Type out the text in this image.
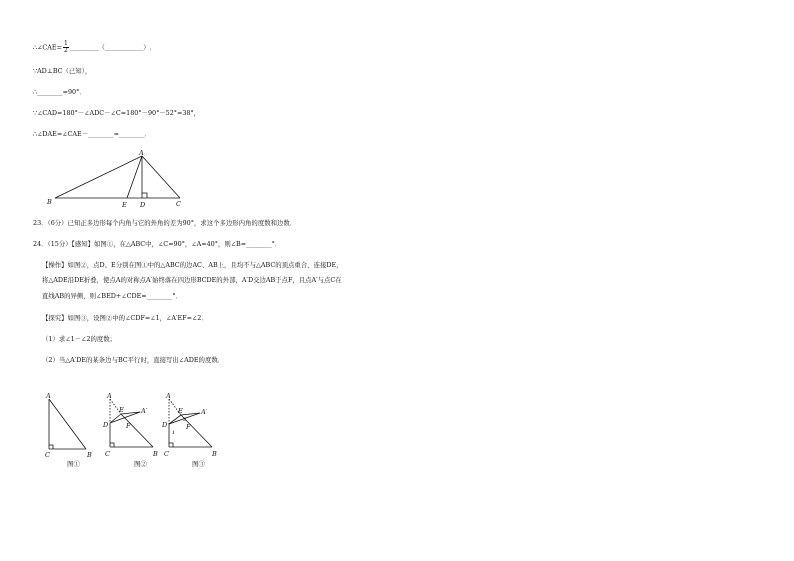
∴∠CAE= $\frac{1}{2}$ _________（____________）.
∵AD⊥BC（已知），
∴________=90°．
∵∠CAD=180°－∠ADC－∠C=180°－90°－52°=38°，
∴∠DAE=∠CAE－________=________．
A
B	C
D
E
23．（6分）已知正多边形每个内角与它的外角的差为90°，求这个多边形内角的度数和边数．
24．（15分）【感知】如图①，在△ABC中，∠C=90°，∠A=40°，则∠B=________°．
【操作】如图②，点D、E分别在图①中的△ABC的边AC、AB上，且均不与△ABC的顶点重合，连接DE，
将△ADE沿DE折叠，使点A的对称点A′始终落在四边形BCDE的外部，A′D交边AB于点F，且点A′与点C在
直线AB的异侧，则∠BED+∠CDE=________°．
【探究】如图③，设图②中的∠CDF=∠1，∠A′EF=∠2．
（1）求∠1－∠2的度数；
（2）当△A′DE的某条边与BC平行时，直接写出∠ADE的度数．
A
C	B
图①
A
A′
E
F
D
C	B
图②
A
A′
E
2
F
D
1
C	B
图③
